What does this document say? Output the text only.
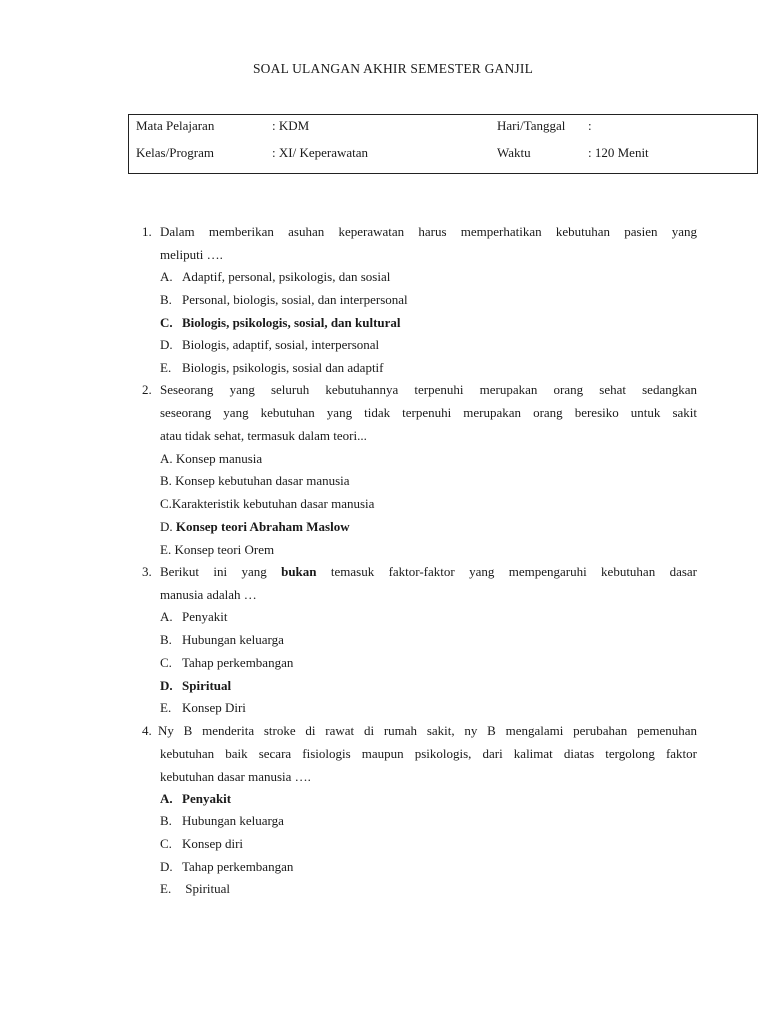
SOAL ULANGAN AKHIR SEMESTER GANJIL
Mata Pelajaran	: KDM	Hari/Tanggal :
Kelas/Program	: XI/ Keperawatan	Waktu	: 120 Menit
1. Dalam memberikan asuhan keperawatan harus memperhatikan kebutuhan pasien yang
meliputi ….
A. Adaptif, personal, psikologis, dan sosial
B. Personal, biologis, sosial, dan interpersonal
C. Biologis, psikologis, sosial, dan kultural
D. Biologis, adaptif, sosial, interpersonal
E. Biologis, psikologis, sosial dan adaptif
2. Seseorang yang seluruh kebutuhannya terpenuhi merupakan orang sehat sedangkan
seseorang yang kebutuhan yang tidak terpenuhi merupakan orang beresiko untuk sakit
atau tidak sehat, termasuk dalam teori...
A. Konsep manusia
B. Konsep kebutuhan dasar manusia
C.Karakteristik kebutuhan dasar manusia
D. Konsep teori Abraham Maslow
E. Konsep teori Orem
3. Berikut ini yang bukan temasuk faktor-faktor yang mempengaruhi kebutuhan dasar
manusia adalah …
A. Penyakit
B. Hubungan keluarga
C. Tahap perkembangan
D. Spiritual
E. Konsep Diri
4. Ny B menderita stroke di rawat di rumah sakit, ny B mengalami perubahan pemenuhan
kebutuhan baik secara fisiologis maupun psikologis, dari kalimat diatas tergolong faktor
kebutuhan dasar manusia ….
A. Penyakit
B. Hubungan keluarga
C. Konsep diri
D. Tahap perkembangan
E. Spiritual
